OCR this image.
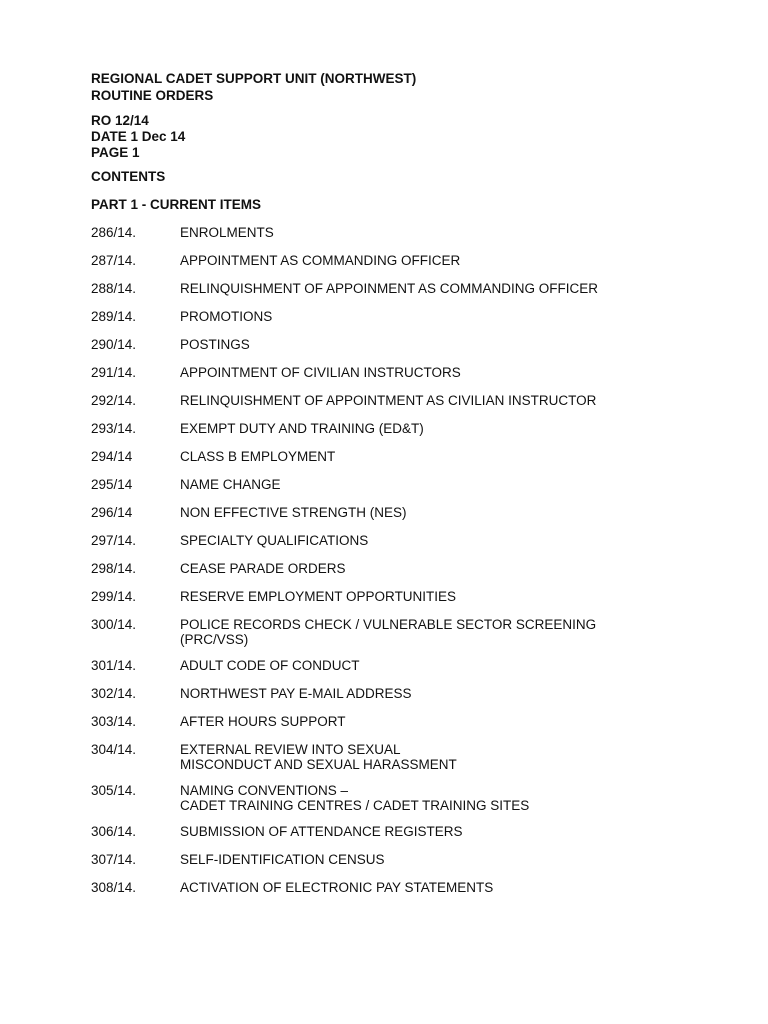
REGIONAL CADET SUPPORT UNIT (NORTHWEST)
ROUTINE ORDERS
RO 12/14
DATE 1 Dec 14
PAGE 1
CONTENTS
PART 1 - CURRENT ITEMS
286/14.	ENROLMENTS
287/14.	APPOINTMENT AS COMMANDING OFFICER
288/14.	RELINQUISHMENT OF APPOINMENT AS COMMANDING OFFICER
289/14.	PROMOTIONS
290/14.	POSTINGS
291/14.	APPOINTMENT OF CIVILIAN INSTRUCTORS
292/14.	RELINQUISHMENT OF APPOINTMENT AS CIVILIAN INSTRUCTOR
293/14.	EXEMPT DUTY AND TRAINING (ED&T)
294/14	CLASS B EMPLOYMENT
295/14	NAME CHANGE
296/14	NON EFFECTIVE STRENGTH (NES)
297/14.	SPECIALTY QUALIFICATIONS
298/14.	CEASE PARADE ORDERS
299/14.	RESERVE EMPLOYMENT OPPORTUNITIES
300/14.	POLICE RECORDS CHECK / VULNERABLE SECTOR SCREENING
(PRC/VSS)
301/14.	ADULT CODE OF CONDUCT
302/14.	NORTHWEST PAY E-MAIL ADDRESS
303/14.	AFTER HOURS SUPPORT
304/14.	EXTERNAL REVIEW INTO SEXUAL
MISCONDUCT AND SEXUAL HARASSMENT
305/14.	NAMING CONVENTIONS –
CADET TRAINING CENTRES / CADET TRAINING SITES
306/14.	SUBMISSION OF ATTENDANCE REGISTERS
307/14.	SELF-IDENTIFICATION CENSUS
308/14.	ACTIVATION OF ELECTRONIC PAY STATEMENTS
